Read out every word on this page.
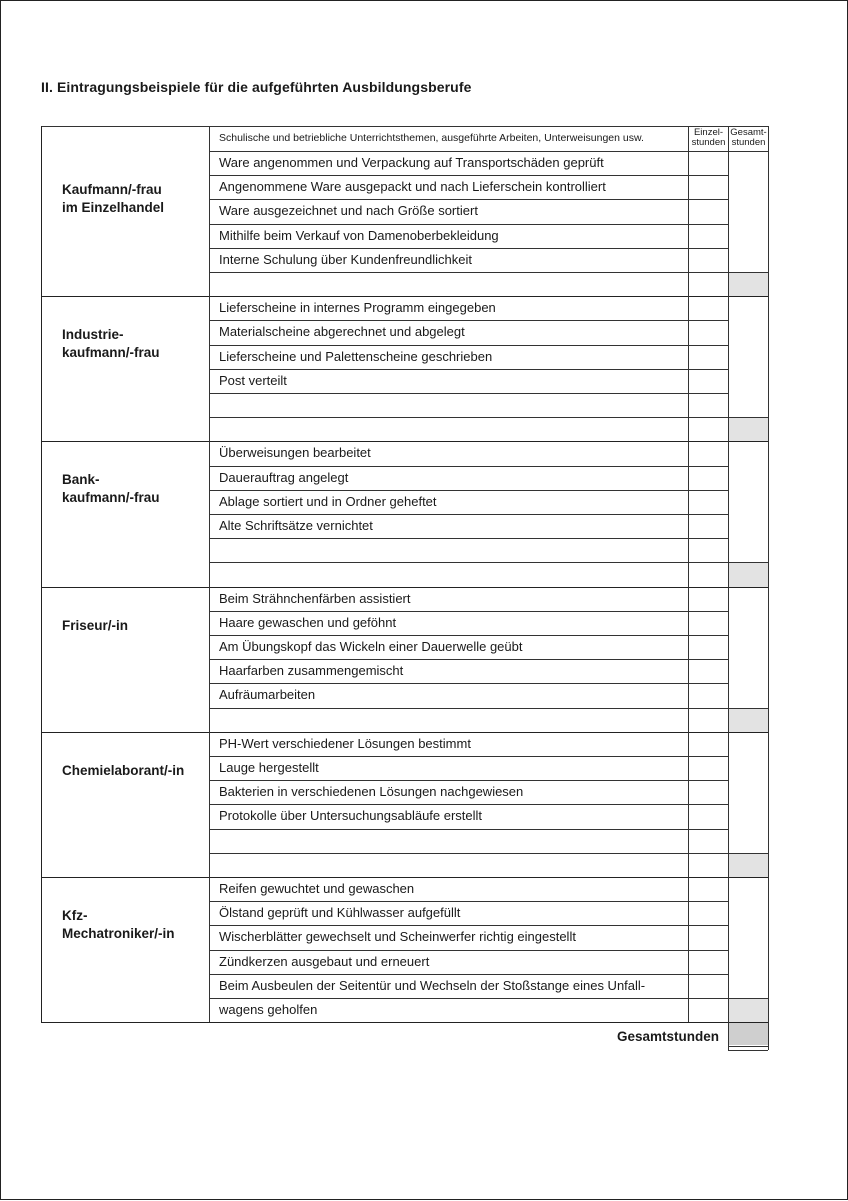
II. Eintragungsbeispiele für die aufgeführten Ausbildungsberufe
Schulische und betriebliche Unterrichtsthemen, ausgeführte Arbeiten, Unterweisungen usw.	Einzel-
stunden
Gesamt-
stunden
Kaufmann/-frau
im Einzelhandel
Ware angenommen und Verpackung auf Transportschäden geprüft
Angenommene Ware ausgepackt und nach Lieferschein kontrolliert
Ware ausgezeichnet und nach Größe sortiert
Mithilfe beim Verkauf von Damenoberbekleidung
Interne Schulung über Kundenfreundlichkeit
Industrie-
kaufmann/-frau
Lieferscheine in internes Programm eingegeben
Materialscheine abgerechnet und abgelegt
Lieferscheine und Palettenscheine geschrieben
Post verteilt
Bank-
kaufmann/-frau
Überweisungen bearbeitet
Dauerauftrag angelegt
Ablage sortiert und in Ordner geheftet
Alte Schriftsätze vernichtet
Friseur/-in
Beim Strähnchenfärben assistiert
Haare gewaschen und geföhnt
Am Übungskopf das Wickeln einer Dauerwelle geübt
Haarfarben zusammengemischt
Aufräumarbeiten
Chemielaborant/-in
PH-Wert verschiedener Lösungen bestimmt
Lauge hergestellt
Bakterien in verschiedenen Lösungen nachgewiesen
Protokolle über Untersuchungsabläufe erstellt
Kfz-
Mechatroniker/-in
Reifen gewuchtet und gewaschen
Ölstand geprüft und Kühlwasser aufgefüllt
Wischerblätter gewechselt und Scheinwerfer richtig eingestellt
Zündkerzen ausgebaut und erneuert
Beim Ausbeulen der Seitentür und Wechseln der Stoßstange eines Unfall-
wagens geholfen
Gesamtstunden
